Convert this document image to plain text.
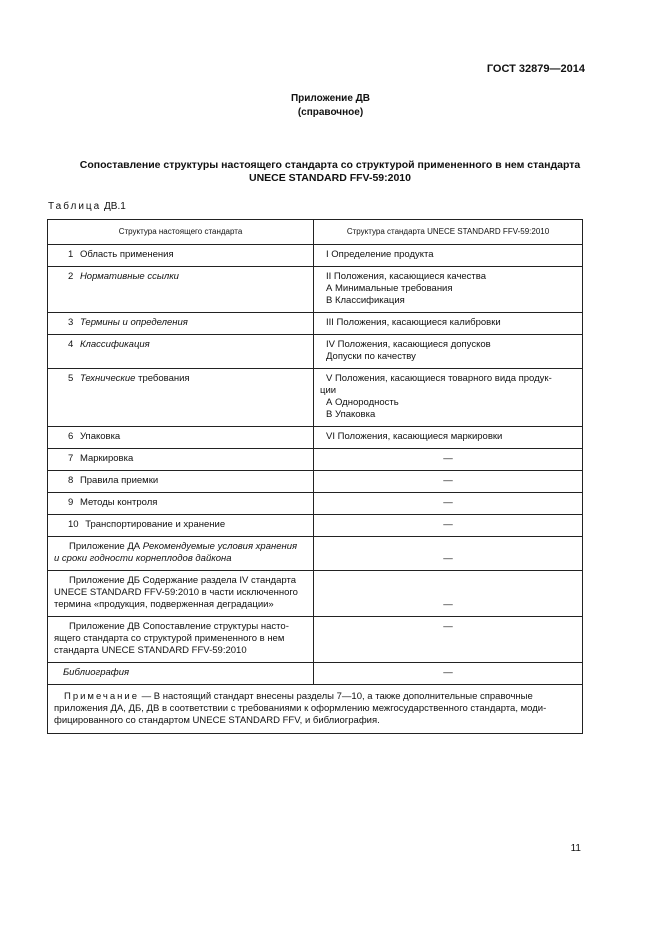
ГОСТ 32879—2014
Приложение ДВ
(справочное)
Сопоставление структуры настоящего стандарта со структурой примененного в нем стандарта
UNECE STANDARD FFV-59:2010
Таблица ДВ.1
Структура настоящего стандарта	Структура стандарта UNECE STANDARD FFV-59:2010
1 Область применения	I Определение продукта

2 Нормативные ссылки	II Положения, касающиеся качества
А Минимальные требования
В Классификация

3 Термины и определения	III Положения, касающиеся калибровки

4 Классификация	IV Положения, касающиеся допусков
Допуски по качеству

5 Технические требования	V Положения, касающиеся товарного вида продук-
ции
А Однородность
В Упаковка

6 Упаковка	VI Положения, касающиеся маркировки

7 Маркировка	—
8 Правила приемки	—
9 Методы контроля	—
10 Транспортирование и хранение	—

Приложение ДА Рекомендуемые условия хранения
и сроки годности корнеплодов дайкона	—

Приложение ДБ Содержание раздела IV стандарта
UNECE STANDARD FFV-59:2010 в части исключенного
термина «продукция, подверженная деградации»	—

Приложение ДВ Сопоставление структуры насто-
ящего стандарта со структурой примененного в нем
стандарта UNECE STANDARD FFV-59:2010	—
Библиография	—

Примечание — В настоящий стандарт внесены разделы 7—10, а также дополнительные справочные
приложения ДА, ДБ, ДВ в соответствии с требованиями к оформлению межгосударственного стандарта, моди-
фицированного со стандартом UNECE STANDARD FFV, и библиография.	
11
